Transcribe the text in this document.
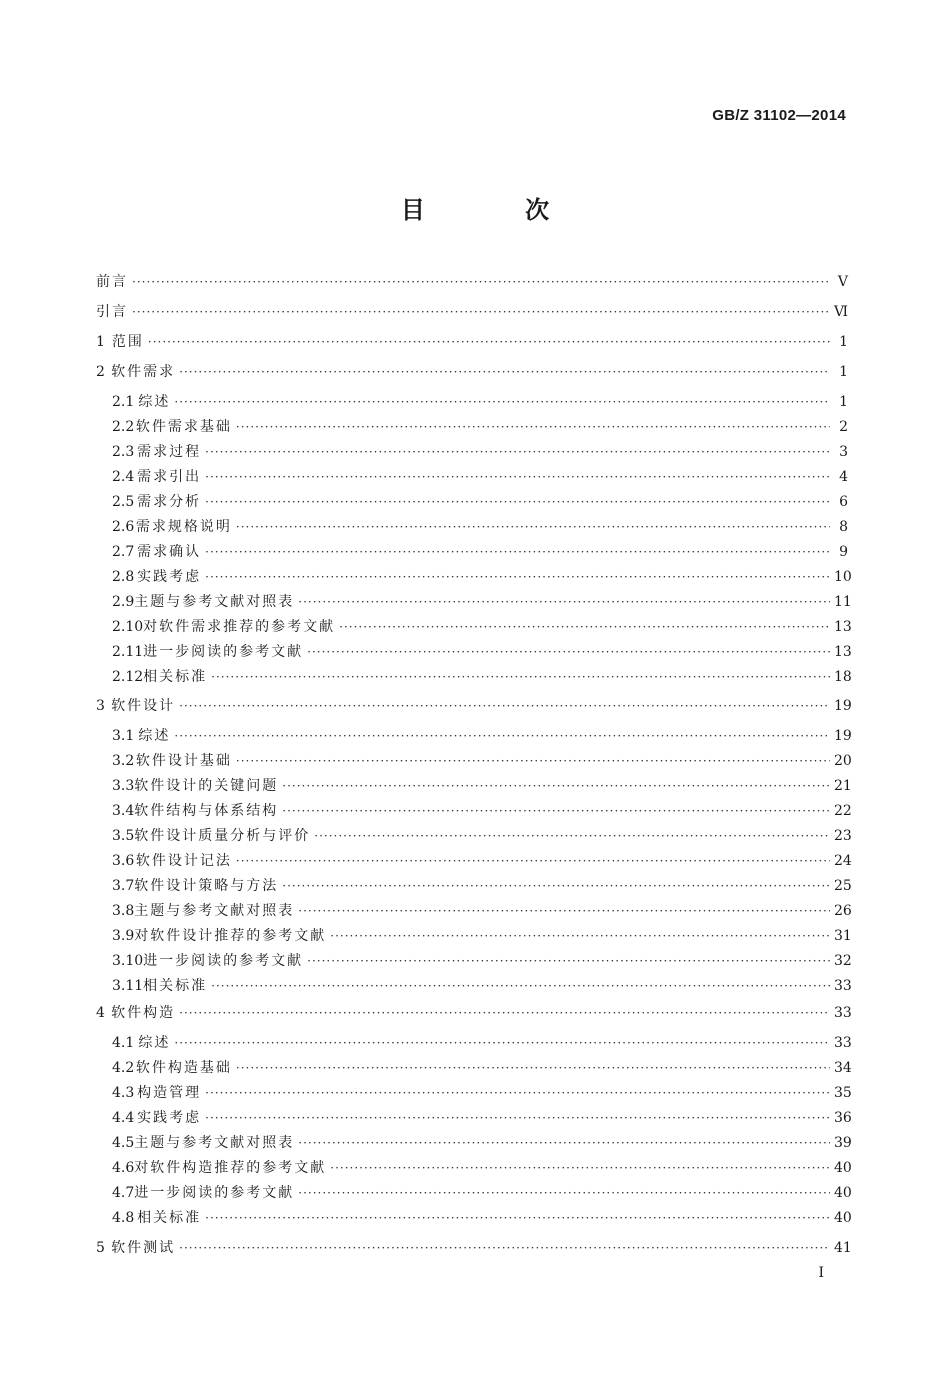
GB/Z 31102—2014
目 次
前言 ·····	Ⅴ
引言 ·····	Ⅵ
1 范围 ·····	1
2 软件需求 ·····	1
2.1 综述 ·····	1
2.2 软件需求基础 ·····	2
2.3 需求过程 ·····	3
2.4 需求引出 ·····	4
2.5 需求分析 ·····	6
2.6 需求规格说明 ·····	8
2.7 需求确认 ·····	9
2.8 实践考虑 ·····	10
2.9 主题与参考文献对照表 ·····	11
2.10 对软件需求推荐的参考文献 ·····	13
2.11 进一步阅读的参考文献 ·····	13
2.12 相关标准 ·····	18
3 软件设计 ·····	19
3.1 综述 ·····	19
3.2 软件设计基础 ·····	20
3.3 软件设计的关键问题 ·····	21
3.4 软件结构与体系结构 ·····	22
3.5 软件设计质量分析与评价 ·····	23
3.6 软件设计记法 ·····	24
3.7 软件设计策略与方法 ·····	25
3.8 主题与参考文献对照表 ·····	26
3.9 对软件设计推荐的参考文献 ·····	31
3.10 进一步阅读的参考文献 ·····	32
3.11 相关标准 ·····	33
4 软件构造 ·····	33
4.1 综述 ·····	33
4.2 软件构造基础 ·····	34
4.3 构造管理 ·····	35
4.4 实践考虑 ·····	36
4.5 主题与参考文献对照表 ·····	39
4.6 对软件构造推荐的参考文献 ·····	40
4.7 进一步阅读的参考文献 ·····	40
4.8 相关标准 ·····	40
5 软件测试 ·····	41
I
